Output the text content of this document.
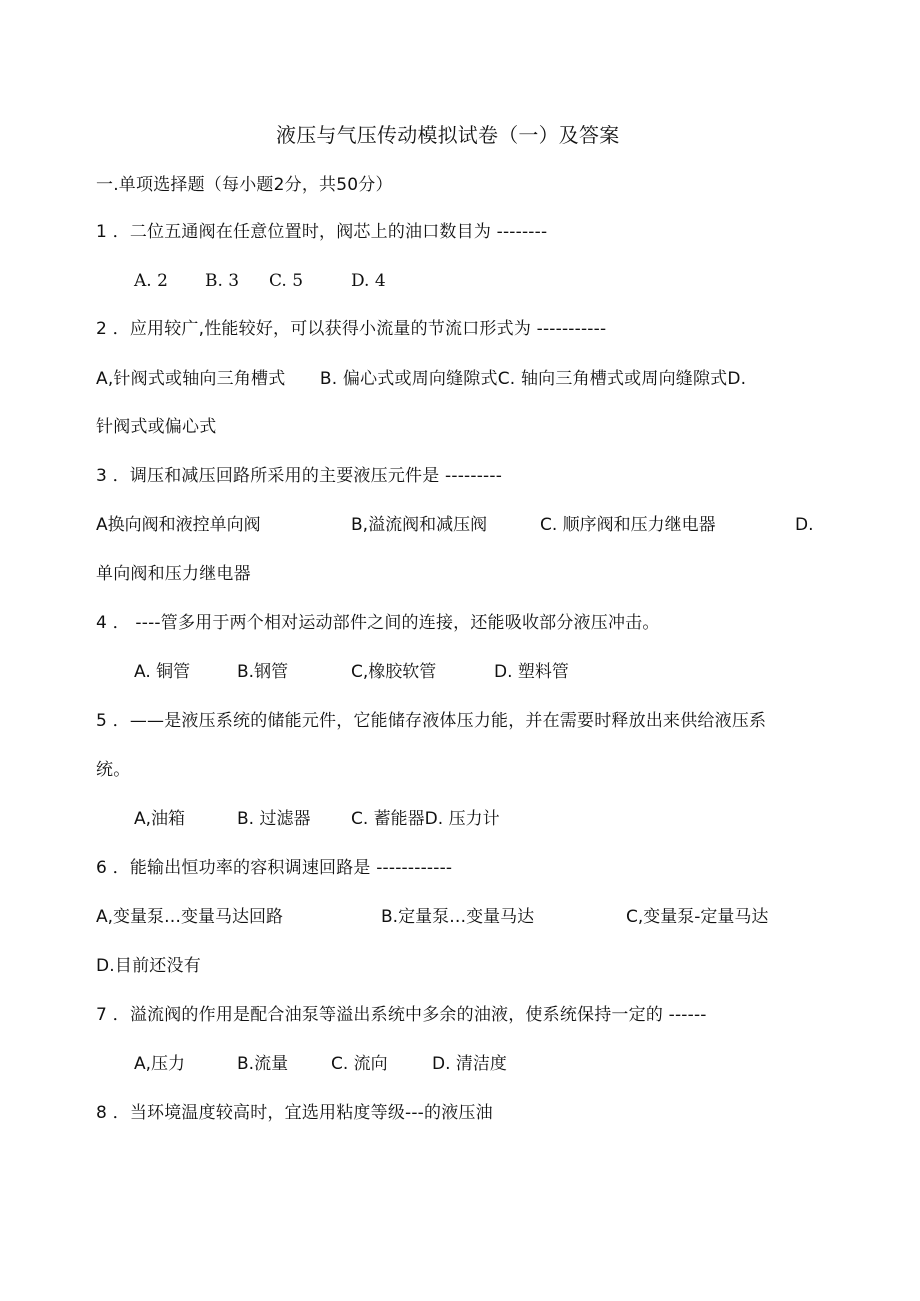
液压与气压传动模拟试卷（一）及答案
一.单项选择题（每小题2分，共50分）
1 ．二位五通阀在任意位置时，阀芯上的油口数目为 --------
A. 2 B. 3 C. 5	D. 4
2 ．应用较广,性能较好，可以获得小流量的节流口形式为 -----------
A,针阀式或轴向三角槽式　　B. 偏心式或周向缝隙式C. 轴向三角槽式或周向缝隙式D.
针阀式或偏心式
3 ．调压和减压回路所采用的主要液压元件是 ---------
A换向阀和液控单向阀	B,溢流阀和减压阀	C. 顺序阀和压力继电器	D.
单向阀和压力继电器
4 ． ----管多用于两个相对运动部件之间的连接，还能吸收部分液压冲击。
A. 铜管	B.钢管	C,橡胶软管	D. 塑料管
5 ．——是液压系统的储能元件，它能储存液体压力能，并在需要时释放出来供给液压系
统。
A,油箱	B. 过滤器 C. 蓄能器D. 压力计
6 ．能输出恒功率的容积调速回路是 ------------
A,变量泵…变量马达回路	B.定量泵…变量马达	C,变量泵-定量马达
D.目前还没有
7 ．溢流阀的作用是配合油泵等溢出系统中多余的油液，使系统保持一定的 ------
A,压力	B.流量	C. 流向	D. 清洁度
8 ．当环境温度较高时，宜选用粘度等级---的液压油
